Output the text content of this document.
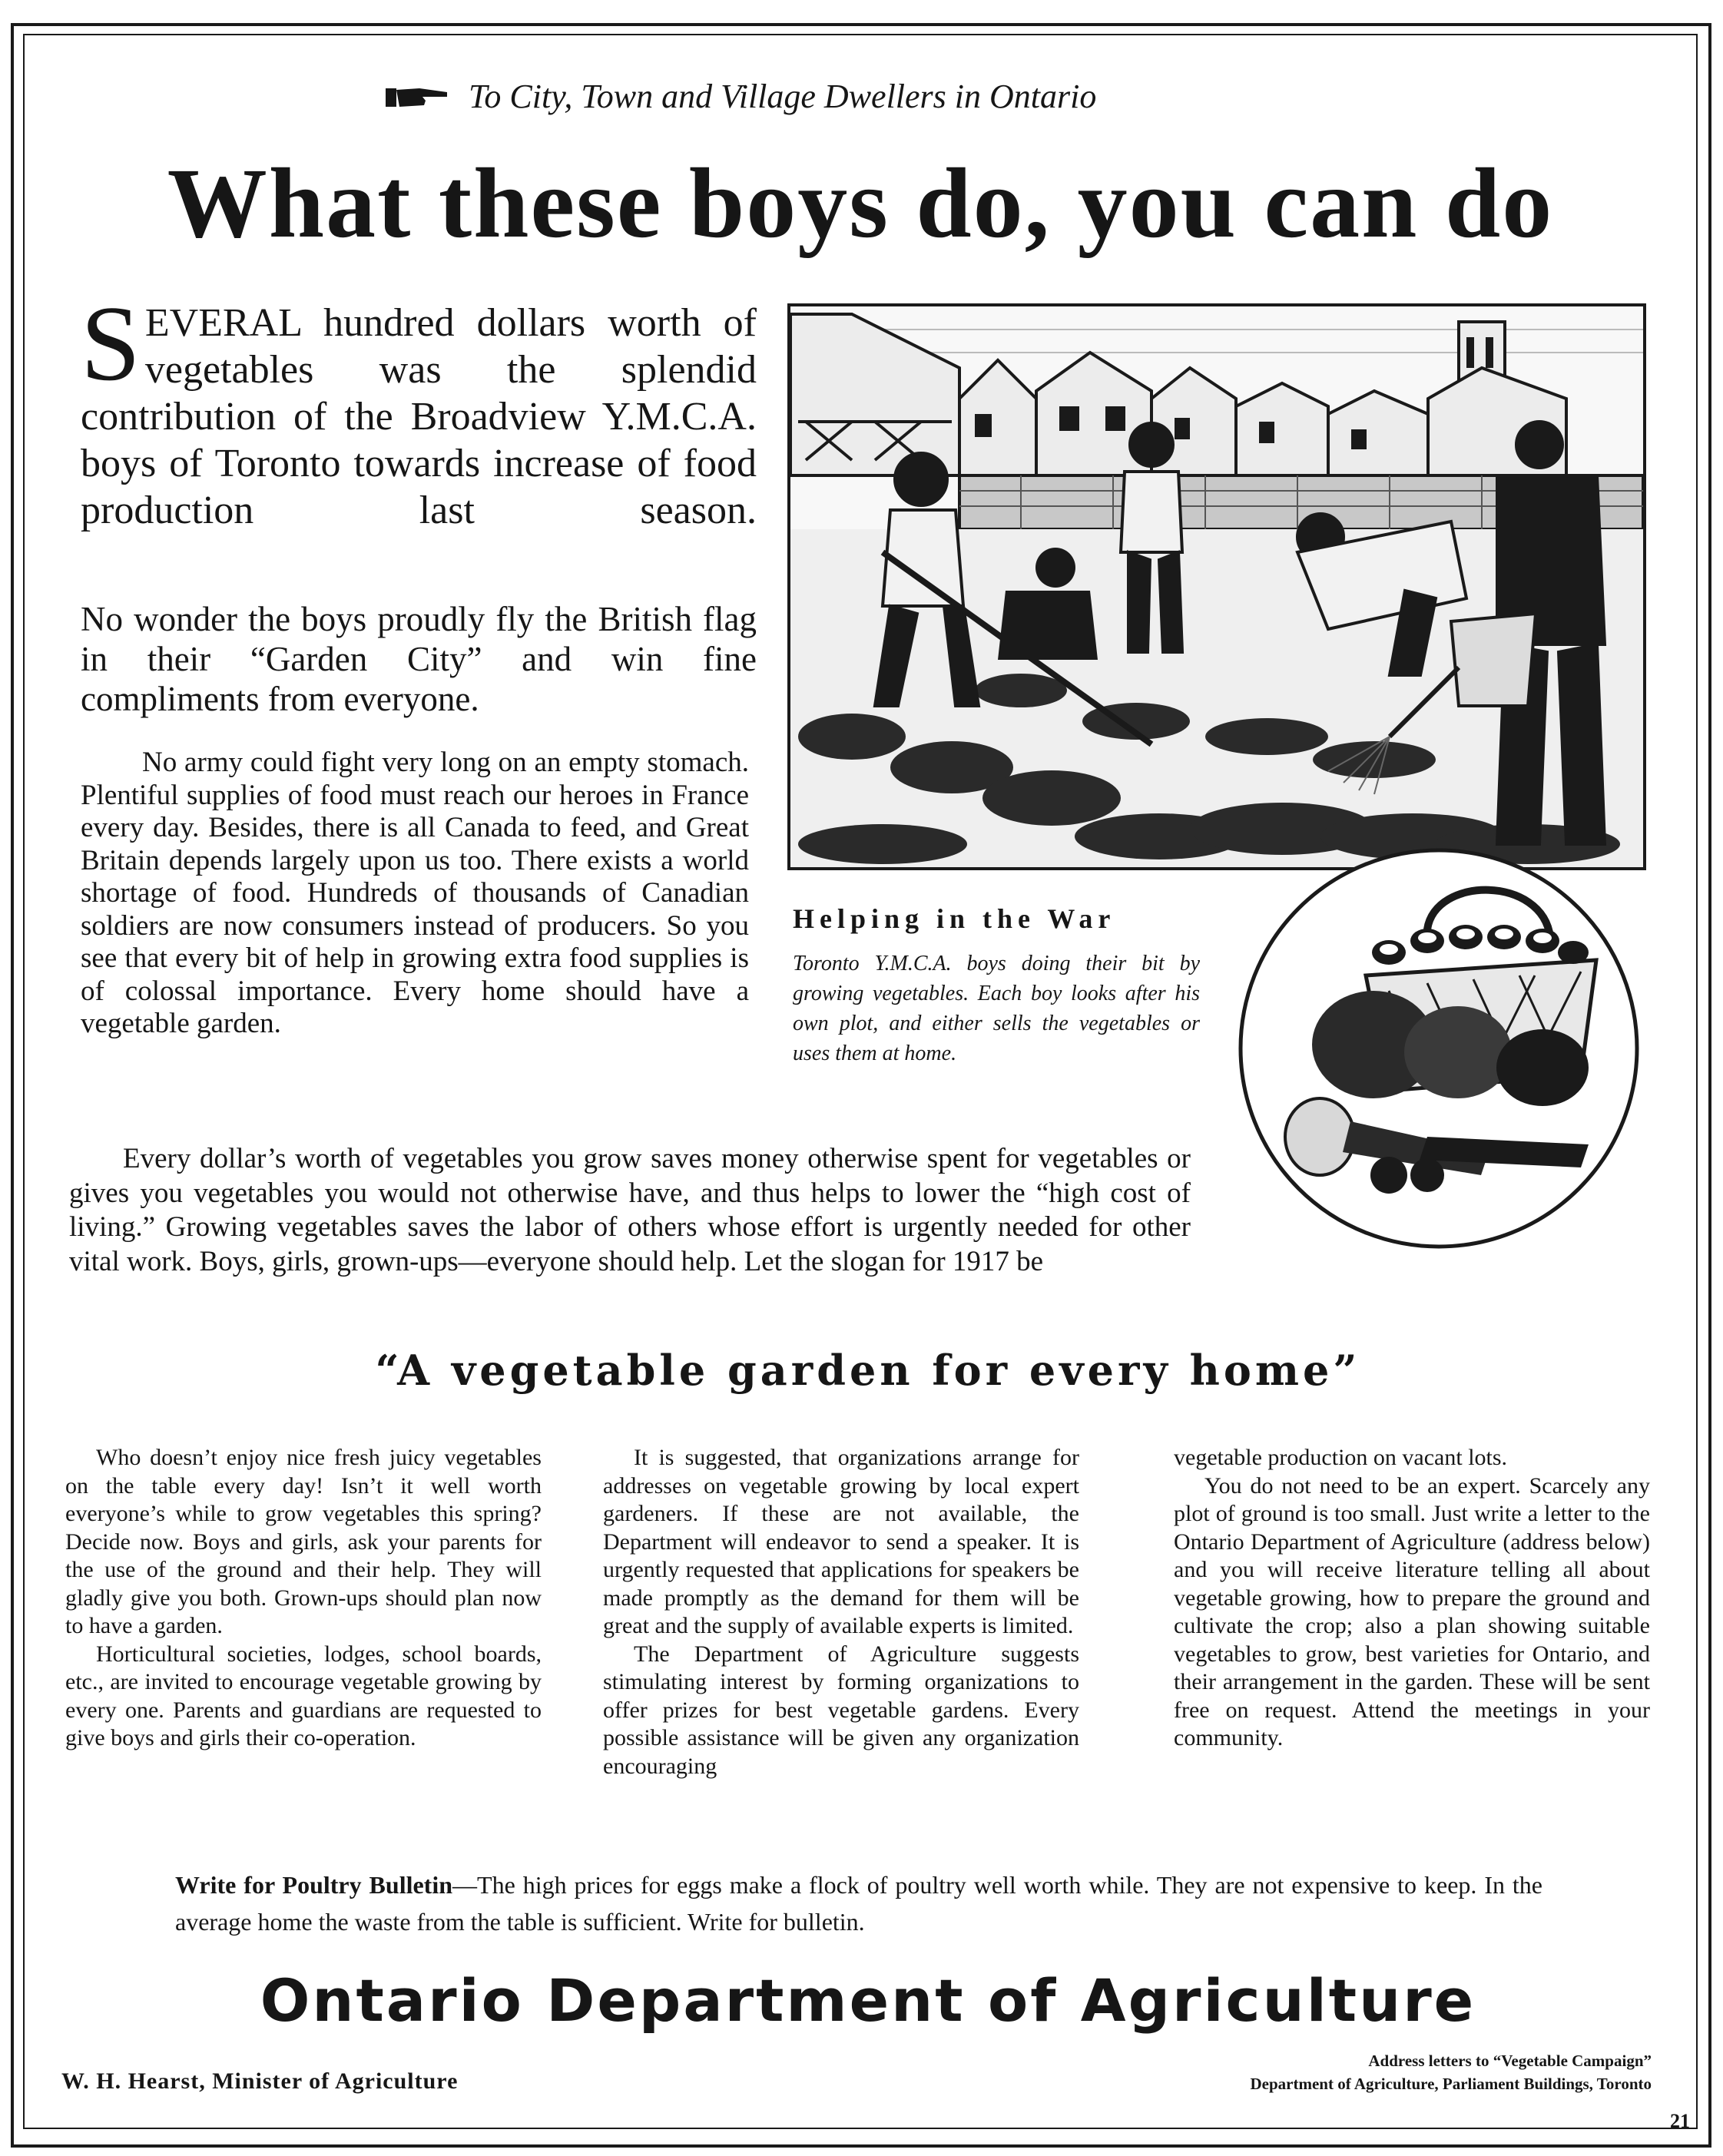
To City, Town and Village Dwellers in Ontario
What these boys do, you can do
SEVERAL hundred dollars worth of vegetables was the splendid contribution of the Broadview Y.M.C.A. boys of Toronto towards increase of food production last season.
No wonder the boys proudly fly the British flag in their “Garden City” and win fine compliments from everyone.

No army could fight very long on an empty stomach. Plentiful supplies of food must reach our heroes in France every day. Besides, there is all Canada to feed, and Great Britain depends largely upon us too. There exists a world shortage of food. Hundreds of thousands of Canadian soldiers are now consumers instead of producers. So you see that every bit of help in growing extra food supplies is of colossal importance. Every home should have a vegetable garden.

Helping in the War
Toronto Y.M.C.A. boys doing their bit by growing vegetables. Each boy looks after his own plot, and either sells the vegetables or uses them at home.

Every dollar’s worth of vegetables you grow saves money otherwise spent for vegetables or gives you vegetables you would not otherwise have, and thus helps to lower the “high cost of living.” Growing vegetables saves the labor of others whose effort is urgently needed for other vital work. Boys, girls, grown-ups—everyone should help. Let the slogan for 1917 be

“A vegetable garden for every home”

Who doesn’t enjoy nice fresh juicy vegetables on the table every day! Isn’t it well worth everyone’s while to grow vegetables this spring? Decide now. Boys and girls, ask your parents for the use of the ground and their help. They will gladly give you both. Grown-ups should plan now to have a garden.

Horticultural societies, lodges, school boards, etc., are invited to encourage vegetable growing by every one. Parents and guardians are requested to give boys and girls their co-operation.

It is suggested, that organizations arrange for addresses on vegetable growing by local expert gardeners. If these are not available, the Department will endeavor to send a speaker. It is urgently requested that applications for speakers be made promptly as the demand for them will be great and the supply of available experts is limited.

The Department of Agriculture suggests stimulating interest by forming organizations to offer prizes for best vegetable gardens. Every possible assistance will be given any organization encouraging

vegetable production on vacant lots.

You do not need to be an expert. Scarcely any plot of ground is too small. Just write a letter to the Ontario Department of Agriculture (address below) and you will receive literature telling all about vegetable growing, how to prepare the ground and cultivate the crop; also a plan showing suitable vegetables to grow, best varieties for Ontario, and their arrangement in the garden. These will be sent free on request. Attend the meetings in your community.

Write for Poultry Bulletin—The high prices for eggs make a flock of poultry well worth while. They are not expensive to keep. In the average home the waste from the table is sufficient. Write for bulletin.
Ontario Department of Agriculture
W. H. Hearst, Minister of Agriculture
Address letters to “Vegetable Campaign”
Department of Agriculture, Parliament Buildings, Toronto
21
